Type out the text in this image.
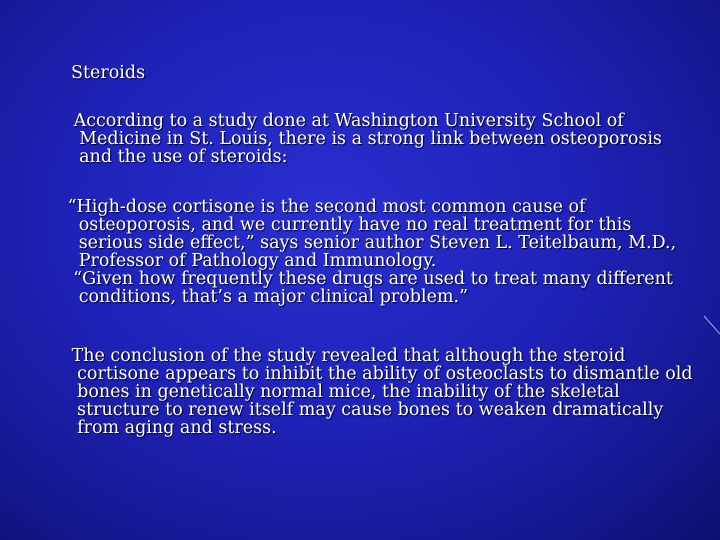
Steroids
According to a study done at Washington University School of
Medicine in St. Louis, there is a strong link between osteoporosis
and the use of steroids:
“High-dose cortisone is the second most common cause of
osteoporosis, and we currently have no real treatment for this
serious side effect,” says senior author Steven L. Teitelbaum, M.D.,
Professor of Pathology and Immunology.
“Given how frequently these drugs are used to treat many different
conditions, that’s a major clinical problem.”
The conclusion of the study revealed that although the steroid
cortisone appears to inhibit the ability of osteoclasts to dismantle old
bones in genetically normal mice, the inability of the skeletal
structure to renew itself may cause bones to weaken dramatically
from aging and stress.
